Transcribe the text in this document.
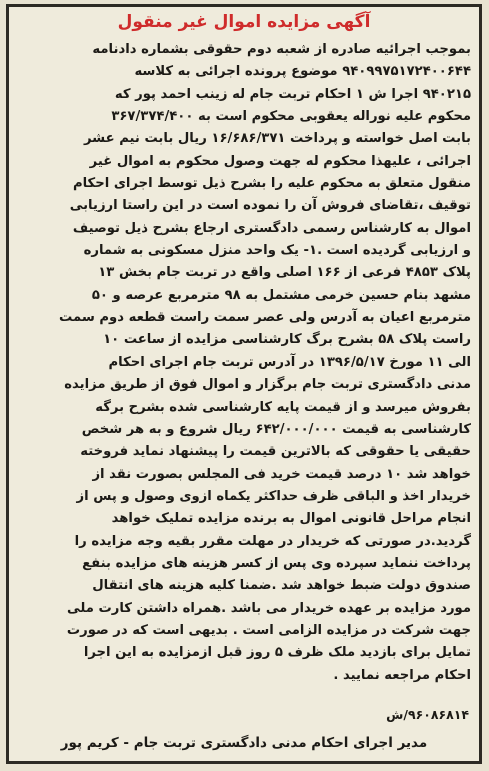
آگهی مزایده اموال غیر منقول
بموجب اجرائیه صادره از شعبه دوم حقوقی بشماره دادنامه
۹۴۰۹۹۷۵۱۷۲۴۰۰۶۴۴ موضوع پرونده اجرائی به کلاسه
۹۴۰۲۱۵ اجرا ش ۱ احکام تربت جام له زینب احمد پور که
محکوم علیه نوراله یعقوبی محکوم است به ۳۶۷/۳۷۴/۴۰۰
بابت اصل خواسته و پرداخت ۱۶/۶۸۶/۳۷۱ ریال بابت نیم عشر
اجرائی ، علیهذا محکوم له جهت وصول محکوم به اموال غیر
منقول متعلق به محکوم علیه را بشرح ذیل توسط اجرای احکام
توقیف ،تقاضای فروش آن را نموده است در این راستا ارزیابی
اموال به کارشناس رسمی دادگستری ارجاع بشرح ذیل توصیف
و ارزیابی گردیده است .۱- یک واحد منزل مسکونی به شماره
پلاک ۴۸۵۳ فرعی از ۱۶۶ اصلی واقع در تربت جام بخش ۱۳
مشهد بنام حسین خرمی مشتمل به ۹۸ مترمربع عرصه و ۵۰
مترمربع اعیان به آدرس ولی عصر سمت راست قطعه دوم سمت
راست پلاک ۵۸ بشرح برگ کارشناسی مزایده از ساعت ۱۰
الی ۱۱ مورخ ۱۳۹۶/۵/۱۷ در آدرس تربت جام اجرای احکام
مدنی دادگستری تربت جام برگزار و اموال فوق از طریق مزایده
بفروش میرسد و از قیمت پایه کارشناسی شده بشرح برگه
کارشناسی به قیمت ۶۴۲/۰۰۰/۰۰۰ ریال شروع و به هر شخص
حقیقی یا حقوقی که بالاترین قیمت را پیشنهاد نماید فروخته
خواهد شد ۱۰ درصد قیمت خرید فی المجلس بصورت نقد از
خریدار اخذ و الباقی ظرف حداکثر یکماه ازوی وصول و پس از
انجام مراحل قانونی اموال به برنده مزایده تملیک خواهد
گردید.در صورتی که خریدار در مهلت مقرر بقیه وجه مزایده را
پرداخت ننماید سپرده وی پس از کسر هزینه های مزایده بنفع
صندوق دولت ضبط خواهد شد .ضمنا کلیه هزینه های انتقال
مورد مزایده بر عهده خریدار می باشد .همراه داشتن کارت ملی
جهت شرکت در مزایده الزامی است . بدیهی است که در صورت
تمایل برای بازدید ملک ظرف ۵ روز قبل ازمزایده به این اجرا
احکام مراجعه نمایید .
۹۶۰۸۶۸۱۴/ش
مدیر اجرای احکام مدنی دادگستری تربت جام - کریم پور
